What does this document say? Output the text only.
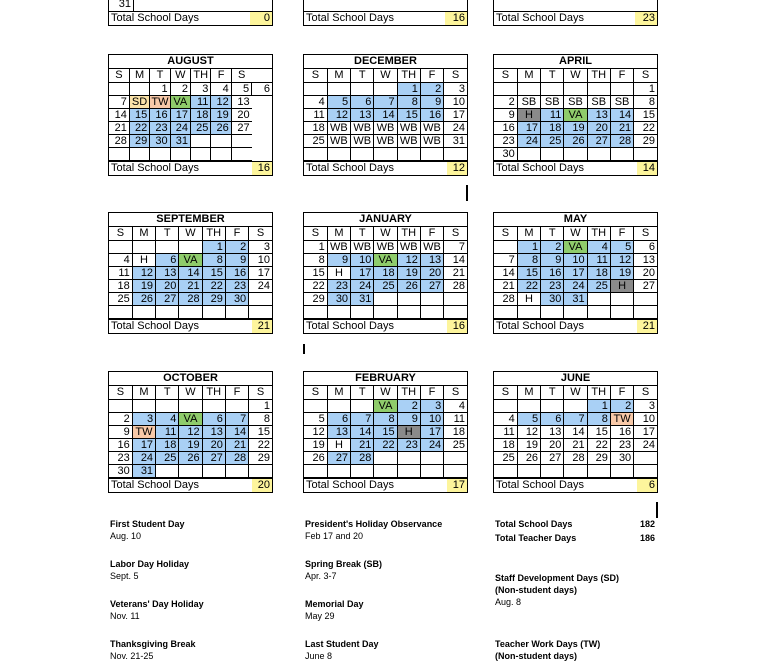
31
Total School Days	0	Total School Days	16	Total School Days	23
AUGUST
S	M	T	W	TH	F	S	
		1	2	3	4	5	6
7	SD	TW	VA	11	12	13	
14	15	16	17	18	19	20	
21	22	23	24	25	26	27	
28	29	30	31				

Total School Days	16
DECEMBER
S	M	T	W	TH	F	S
				1	2	3
4	5	6	7	8	9	10
11	12	13	14	15	16	17
18	WB	WB	WB	WB	WB	24
25	WB	WB	WB	WB	WB	31

Total School Days	12
APRIL
S	M	T	W	TH	F	S
						1
2	SB	SB	SB	SB	SB	8
9	H	11	VA	13	14	15
16	17	18	19	20	21	22
23	24	25	26	27	28	29
30						
Total School Days	14
SEPTEMBER
S	M	T	W	TH	F	S
				1	2	3
4	H	6	VA	8	9	10
11	12	13	14	15	16	17
18	19	20	21	22	23	24
25	26	27	28	29	30	

Total School Days	21
JANUARY
S	M	T	W	TH	F	S
1	WB	WB	WB	WB	WB	7
8	9	10	VA	12	13	14
15	H	17	18	19	20	21
22	23	24	25	26	27	28
29	30	31				

Total School Days	16
MAY
S	M	T	W	TH	F	S
	1	2	VA	4	5	6
7	8	9	10	11	12	13
14	15	16	17	18	19	20
21	22	23	24	25	H	27
28	H	30	31			

Total School Days	21
OCTOBER
S	M	T	W	TH	F	S
						1
2	3	4	VA	6	7	8
9	TW	11	12	13	14	15
16	17	18	19	20	21	22
23	24	25	26	27	28	29
30	31					
Total School Days	20
FEBRUARY
S	M	T	W	TH	F	S
			VA	2	3	4
5	6	7	8	9	10	11
12	13	14	15	H	17	18
19	H	21	22	23	24	25
26	27	28				

Total School Days	17
JUNE
S	M	T	W	TH	F	S
				1	2	3
4	5	6	7	8	TW	10
11	12	13	14	15	16	17
18	19	20	21	22	23	24
25	26	27	28	29	30	

Total School Days	6
First Student Day
Aug. 10
Labor Day Holiday
Sept. 5
Veterans' Day Holiday
Nov. 11
Thanksgiving Break
Nov. 21-25
President's Holiday Observance
Feb 17 and 20
Spring Break (SB)
Apr. 3-7
Memorial Day
May 29
Last Student Day
June 8
Total School Days	182
Total Teacher Days	186
Staff Development Days (SD)
(Non-student days)
Aug. 8
Teacher Work Days (TW)
(Non-student days)
